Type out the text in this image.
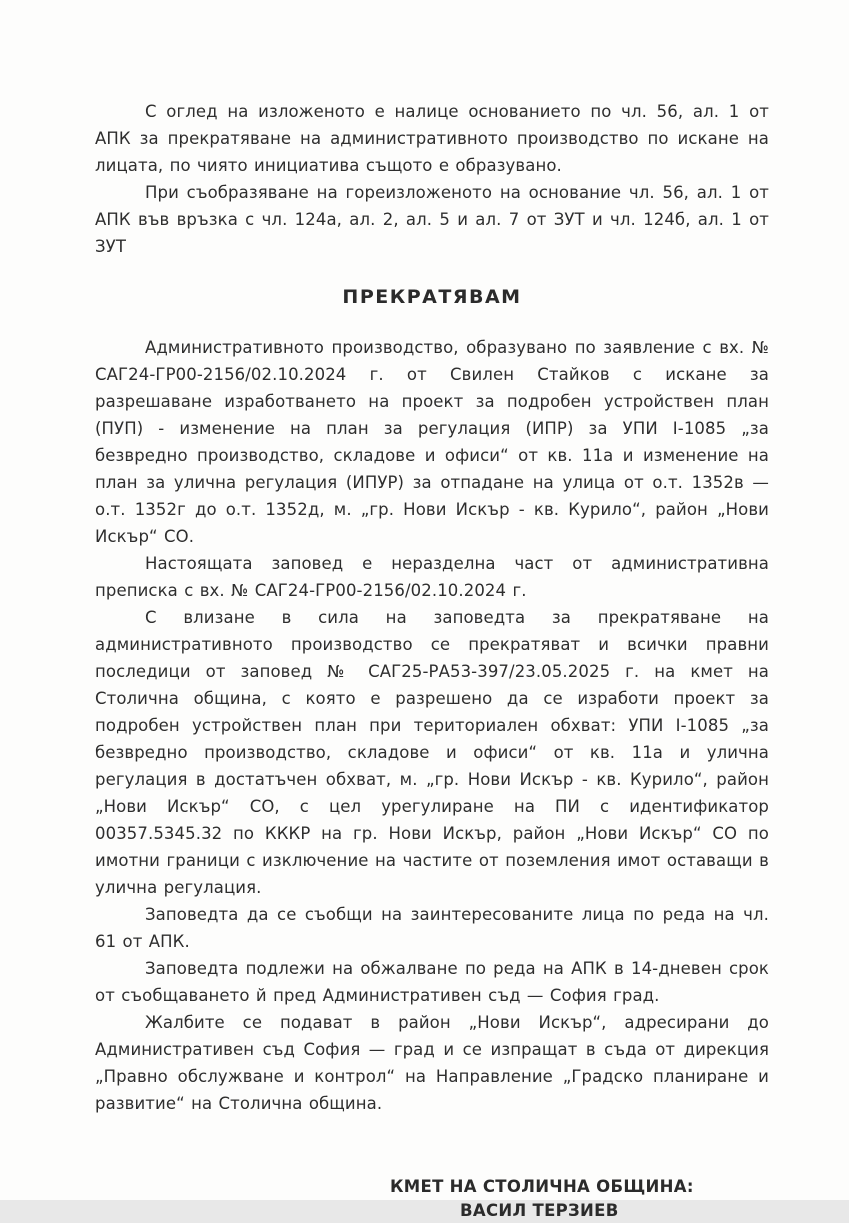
С оглед на изложеното е налице основанието по чл. 56, ал. 1 от АПК за прекратяване на административното производство по искане на лицата, по чиято инициатива същото е образувано.

При съобразяване на гореизложеното на основание чл. 56, ал. 1 от АПК във връзка с чл. 124а, ал. 2, ал. 5 и ал. 7 от ЗУТ и чл. 124б, ал. 1 от ЗУТ

ПРЕКРАТЯВАМ

Административното производство, образувано по заявление с вх. № САГ24-ГР00-2156/02.10.2024 г. от Свилен Стайков с искане за разрешаване изработването на проект за подробен устройствен план (ПУП) - изменение на план за регулация (ИПР) за УПИ I-1085 „за безвредно производство, складове и офиси“ от кв. 11а и изменение на план за улична регулация (ИПУР) за отпадане на улица от о.т. 1352в — о.т. 1352г до о.т. 1352д, м. „гр. Нови Искър - кв. Курило“, район „Нови Искър“ СО.

Настоящата заповед е неразделна част от административна преписка с вх. № САГ24-ГР00-2156/02.10.2024 г.

С влизане в сила на заповедта за прекратяване на административното производство се прекратяват и всички правни последици от заповед № САГ25-РА53-397/23.05.2025 г. на кмет на Столична община, с която е разрешено да се изработи проект за подробен устройствен план при териториален обхват: УПИ I-1085 „за безвредно производство, складове и офиси“ от кв. 11а и улична регулация в достатъчен обхват, м. „гр. Нови Искър - кв. Курило“, район „Нови Искър“ СО, с цел урегулиране на ПИ с идентификатор 00357.5345.32 по КККР на гр. Нови Искър, район „Нови Искър“ СО по имотни граници с изключение на частите от поземления имот оставащи в улична регулация.

Заповедта да се съобщи на заинтересованите лица по реда на чл. 61 от АПК.

Заповедта подлежи на обжалване по реда на АПК в 14-дневен срок от съобщаването й пред Административен съд — София град.

Жалбите се подават в район „Нови Искър“, адресирани до Административен съд София — град и се изпращат в съда от дирекция „Правно обслужване и контрол“ на Направление „Градско планиране и развитие“ на Столична община.

КМЕТ НА СТОЛИЧНА ОБЩИНА:
ВАСИЛ ТЕРЗИЕВ
